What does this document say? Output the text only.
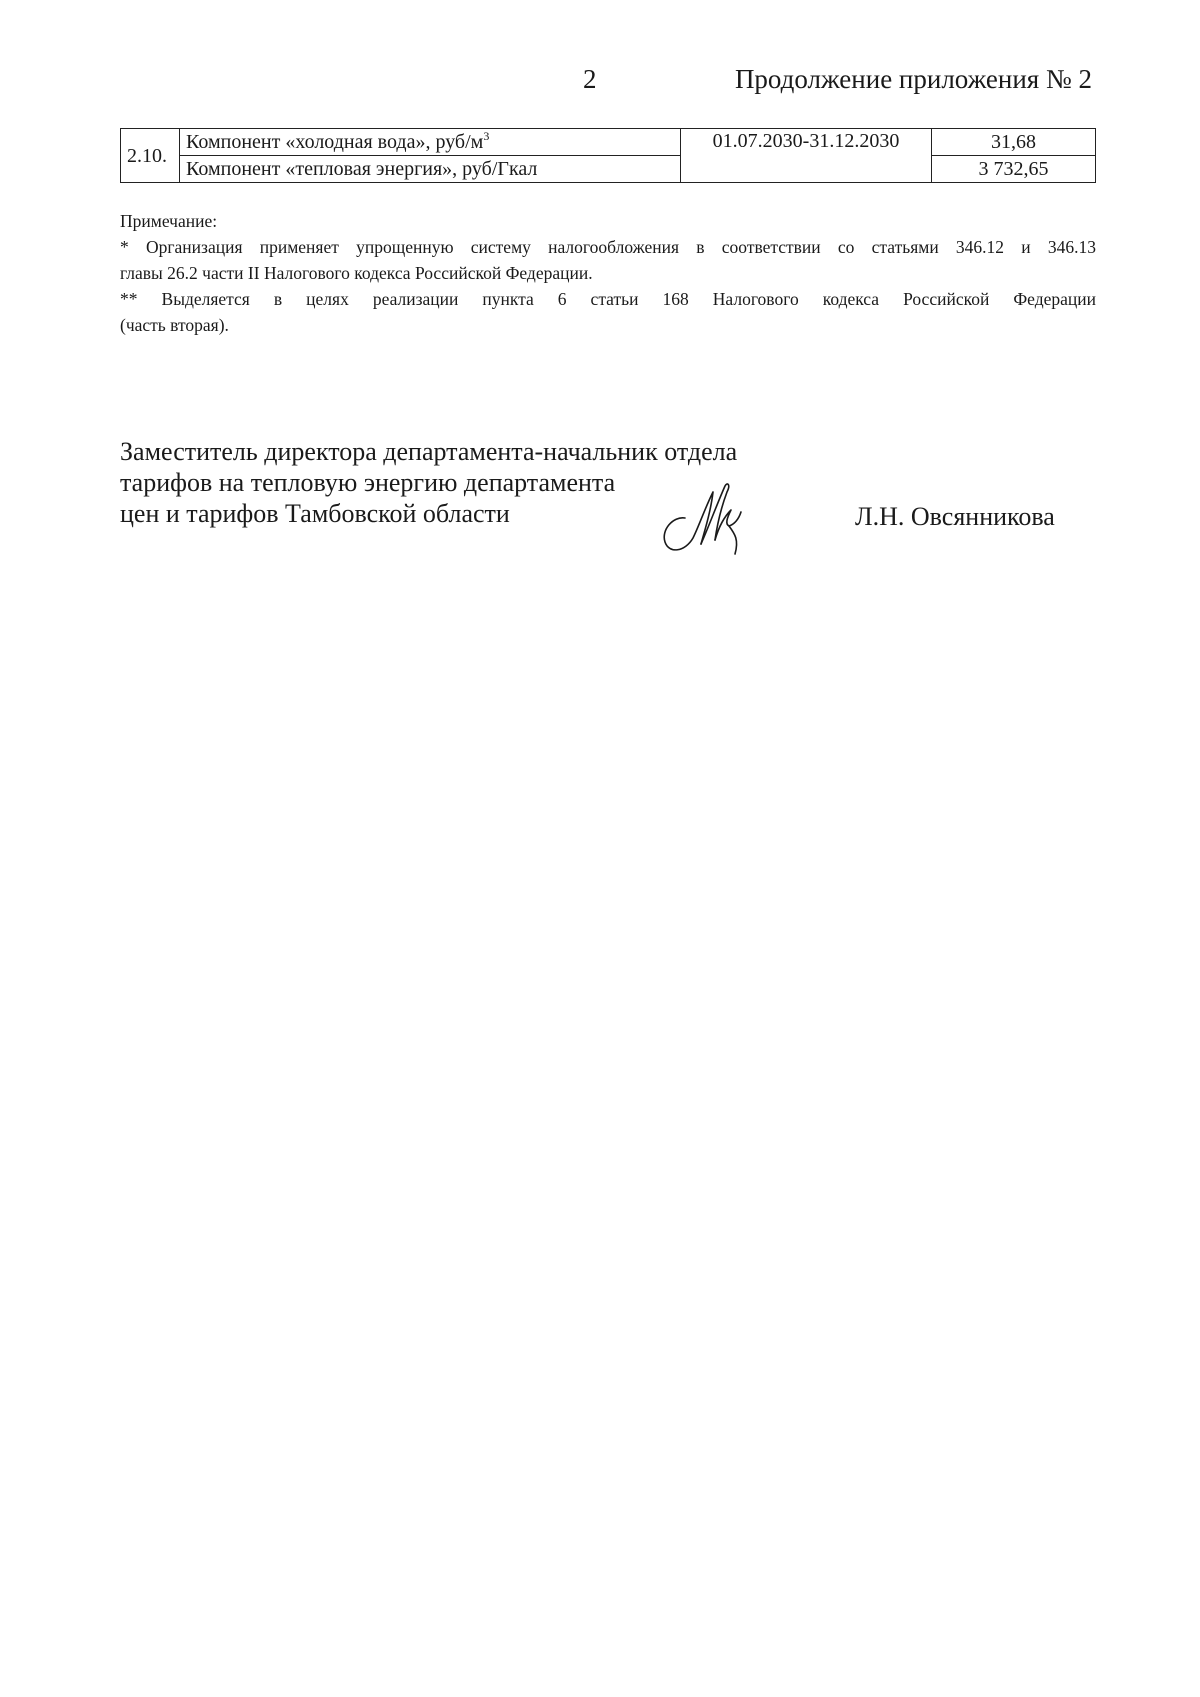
2	Продолжение приложения № 2
2.10.	Компонент «холодная вода», руб/$м^3$	01.07.2030-31.12.2030	31,68
	Компонент «тепловая энергия», руб/Гкал		3 732,65

Примечание:

* Организация применяет упрощенную систему налогообложения в соответствии со статьями 346.12 и 346.13

главы 26.2 части II Налогового кодекса Российской Федерации.

** Выделяется в целях реализации пункта 6 статьи 168 Налогового кодекса Российской Федерации

(часть вторая).

Заместитель директора департамента-начальник отдела
тарифов на тепловую энергию департамента
цен и тарифов Тамбовской области	Л.Н. Овсянникова
